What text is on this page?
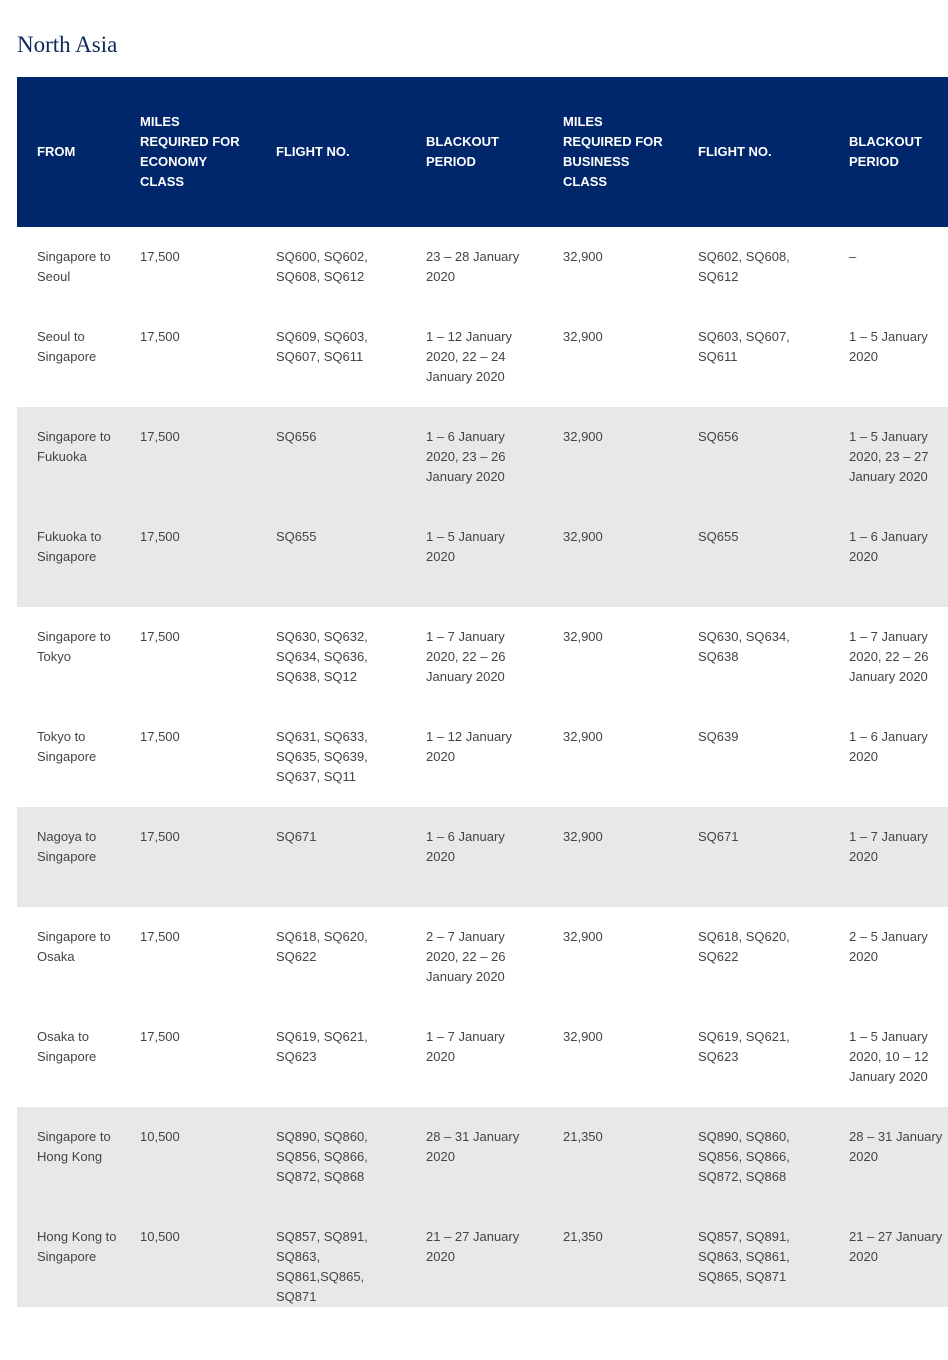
North Asia
FROM	MILES REQUIRED FOR ECONOMY CLASS	FLIGHT NO.	BLACKOUT PERIOD	MILES REQUIRED FOR BUSINESS CLASS	FLIGHT NO.	BLACKOUT PERIOD
Singapore to Seoul	17,500	SQ600, SQ602, SQ608, SQ612	23 – 28 January 2020	32,900	SQ602, SQ608, SQ612	–
Seoul to Singapore	17,500	SQ609, SQ603, SQ607, SQ611	1 – 12 January 2020, 22 – 24 January 2020	32,900	SQ603, SQ607, SQ611	1 – 5 January 2020
Singapore to Fukuoka	17,500	SQ656	1 – 6 January 2020, 23 – 26 January 2020	32,900	SQ656	1 – 5 January 2020, 23 – 27 January 2020
Fukuoka to Singapore	17,500	SQ655	1 – 5 January 2020	32,900	SQ655	1 – 6 January 2020
Singapore to Tokyo	17,500	SQ630, SQ632, SQ634, SQ636, SQ638, SQ12	1 – 7 January 2020, 22 – 26 January 2020	32,900	SQ630, SQ634, SQ638	1 – 7 January 2020, 22 – 26 January 2020
Tokyo to Singapore	17,500	SQ631, SQ633, SQ635, SQ639, SQ637, SQ11	1 – 12 January 2020	32,900	SQ639	1 – 6 January 2020
Nagoya to Singapore	17,500	SQ671	1 – 6 January 2020	32,900	SQ671	1 – 7 January 2020
Singapore to Osaka	17,500	SQ618, SQ620, SQ622	2 – 7 January 2020, 22 – 26 January 2020	32,900	SQ618, SQ620, SQ622	2 – 5 January 2020
Osaka to Singapore	17,500	SQ619, SQ621, SQ623	1 – 7 January 2020	32,900	SQ619, SQ621, SQ623	1 – 5 January 2020, 10 – 12 January 2020
Singapore to Hong Kong	10,500	SQ890, SQ860, SQ856, SQ866, SQ872, SQ868	28 – 31 January 2020	21,350	SQ890, SQ860, SQ856, SQ866, SQ872, SQ868	28 – 31 January 2020
Hong Kong to Singapore	10,500	SQ857, SQ891, SQ863, SQ861,SQ865, SQ871	21 – 27 January 2020	21,350	SQ857, SQ891, SQ863, SQ861, SQ865, SQ871	21 – 27 January 2020
